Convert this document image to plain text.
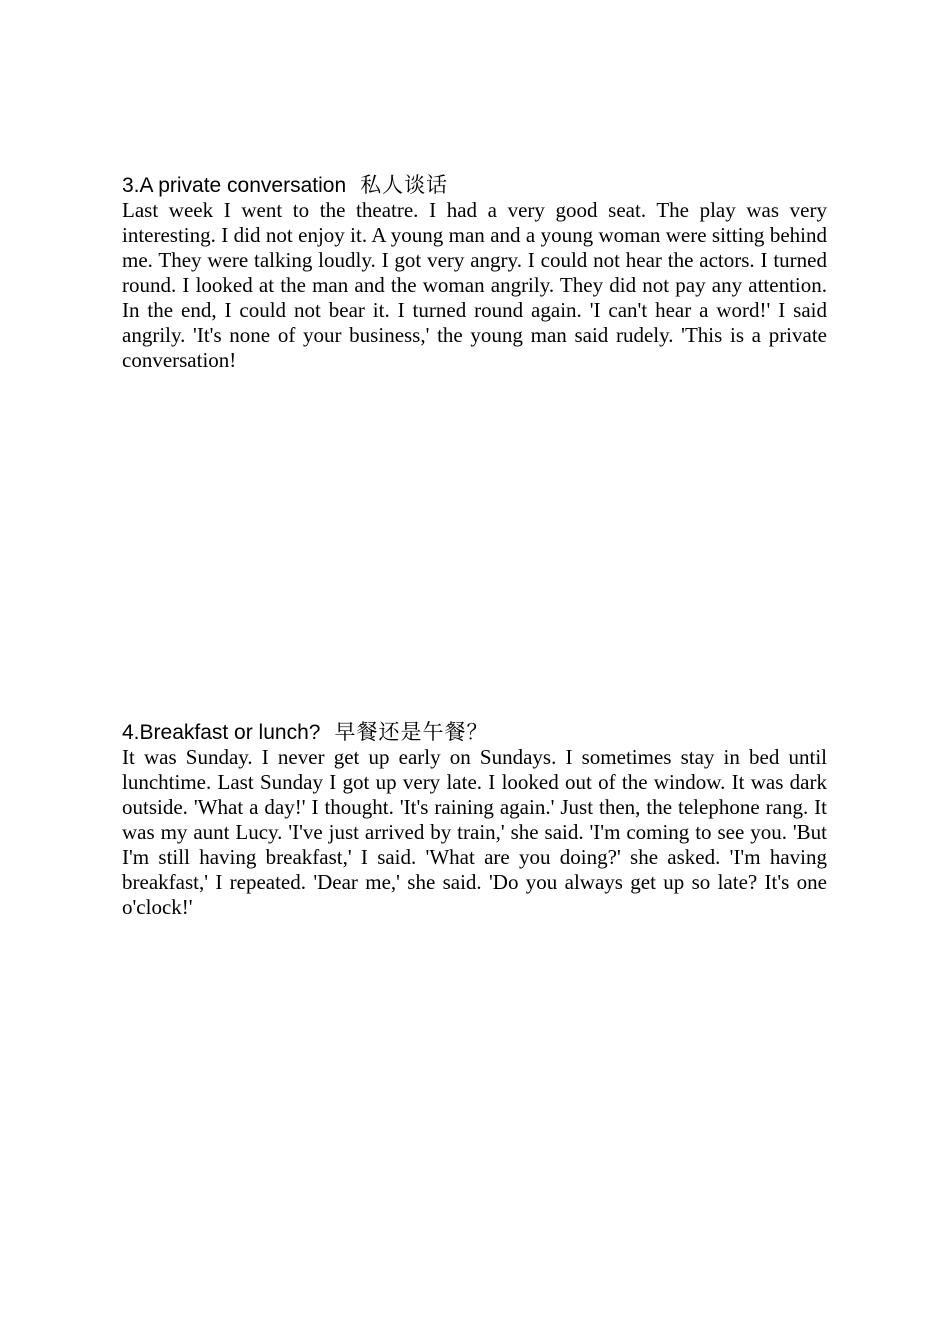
3.A private conversation 私人谈话

Last week I went to the theatre. I had a very good seat. The play was very interesting. I did not enjoy it. A young man and a young woman were sitting behind me. They were talking loudly. I got very angry. I could not hear the actors. I turned round. I looked at the man and the woman angrily. They did not pay any attention. In the end, I could not bear it. I turned round again. 'I can't hear a word!' I said angrily. 'It's none of your business,' the young man said rudely. 'This is a private conversation!

4.Breakfast or lunch? 早餐还是午餐？

It was Sunday. I never get up early on Sundays. I sometimes stay in bed until lunchtime. Last Sunday I got up very late. I looked out of the window. It was dark outside. 'What a day!' I thought. 'It's raining again.' Just then, the telephone rang. It was my aunt Lucy. 'I've just arrived by train,' she said. 'I'm coming to see you. 'But I'm still having breakfast,' I said. 'What are you doing?' she asked. 'I'm having breakfast,' I repeated. 'Dear me,' she said. 'Do you always get up so late? It's one o'clock!'
